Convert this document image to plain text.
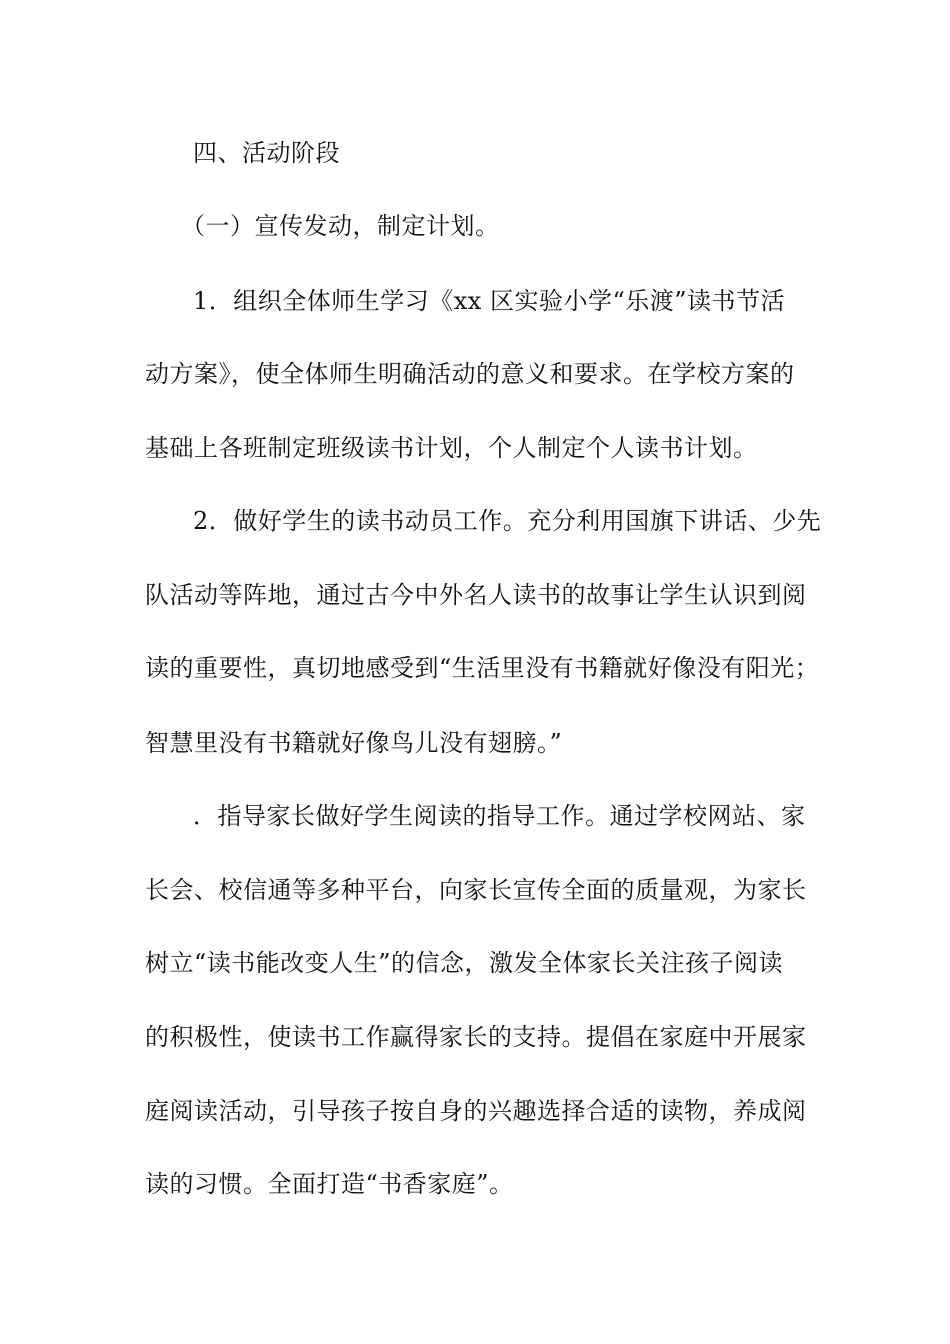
四、活动阶段
（一）宣传发动，制定计划。
1．组织全体师生学习《xx 区实验小学“乐渡”读书节活
动方案》，使全体师生明确活动的意义和要求。在学校方案的
基础上各班制定班级读书计划，个人制定个人读书计划。
2．做好学生的读书动员工作。充分利用国旗下讲话、少先
队活动等阵地，通过古今中外名人读书的故事让学生认识到阅
读的重要性，真切地感受到“生活里没有书籍就好像没有阳光；
智慧里没有书籍就好像鸟儿没有翅膀。”
．指导家长做好学生阅读的指导工作。通过学校网站、家
长会、校信通等多种平台，向家长宣传全面的质量观，为家长
树立“读书能改变人生”的信念，激发全体家长关注孩子阅读
的积极性，使读书工作赢得家长的支持。提倡在家庭中开展家
庭阅读活动，引导孩子按自身的兴趣选择合适的读物，养成阅
读的习惯。全面打造“书香家庭”。
